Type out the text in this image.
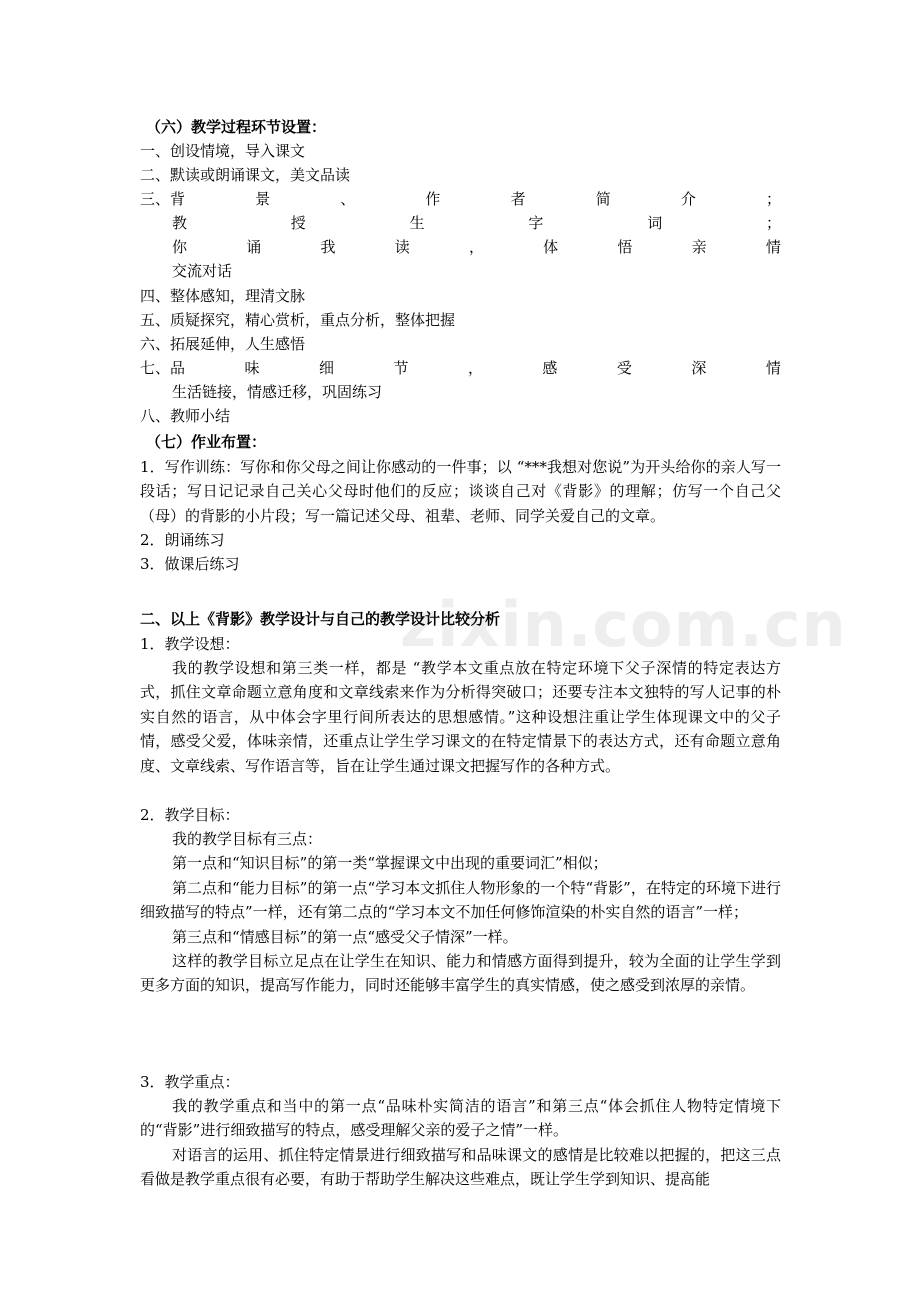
zixin.com.cn
（六）教学过程环节设置：
一、创设情境，导入课文
二、默读或朗诵课文，美文品读
三、背	景	、	作	者	简	介	；
教	授	生	字	词	；
你	诵	我	读	，	体	悟	亲	情
交流对话
四、整体感知，理清文脉
五、质疑探究，精心赏析，重点分析，整体把握
六、拓展延伸，人生感悟
七、品	味	细	节	，	感	受	深	情
生活链接，情感迁移，巩固练习
八、教师小结
（七）作业布置：
1．写作训练：写你和你父母之间让你感动的一件事；以 “***我想对您说”为开头给你的亲人写一段话；写日记记录自己关心父母时他们的反应；谈谈自己对《背影》的理解；仿写一个自己父（母）的背影的小片段；写一篇记述父母、祖辈、老师、同学关爱自己的文章。
2．朗诵练习
3．做课后练习
二、以上《背影》教学设计与自己的教学设计比较分析
1．教学设想：
我的教学设想和第三类一样，都是 “教学本文重点放在特定环境下父子深情的特定表达方式，抓住文章命题立意角度和文章线索来作为分析得突破口；还要专注本文独特的写人记事的朴实自然的语言，从中体会字里行间所表达的思想感情。”这种设想注重让学生体现课文中的父子情，感受父爱，体味亲情，还重点让学生学习课文的在特定情景下的表达方式，还有命题立意角度、文章线索、写作语言等，旨在让学生通过课文把握写作的各种方式。
2．教学目标：

我的教学目标有三点：

第一点和“知识目标”的第一类“掌握课文中出现的重要词汇”相似；

第二点和“能力目标”的第一点“学习本文抓住人物形象的一个特“背影”，在特定的环境下进行细致描写的特点”一样，还有第二点的“学习本文不加任何修饰渲染的朴实自然的语言”一样；

第三点和“情感目标”的第一点“感受父子情深”一样。

这样的教学目标立足点在让学生在知识、能力和情感方面得到提升，较为全面的让学生学到更多方面的知识，提高写作能力，同时还能够丰富学生的真实情感，使之感受到浓厚的亲情。

3．教学重点：

我的教学重点和当中的第一点“品味朴实简洁的语言”和第三点“体会抓住人物特定情境下的“背影”进行细致描写的特点，感受理解父亲的爱子之情”一样。

对语言的运用、抓住特定情景进行细致描写和品味课文的感情是比较难以把握的，把这三点看做是教学重点很有必要，有助于帮助学生解决这些难点，既让学生学到知识、提高能
